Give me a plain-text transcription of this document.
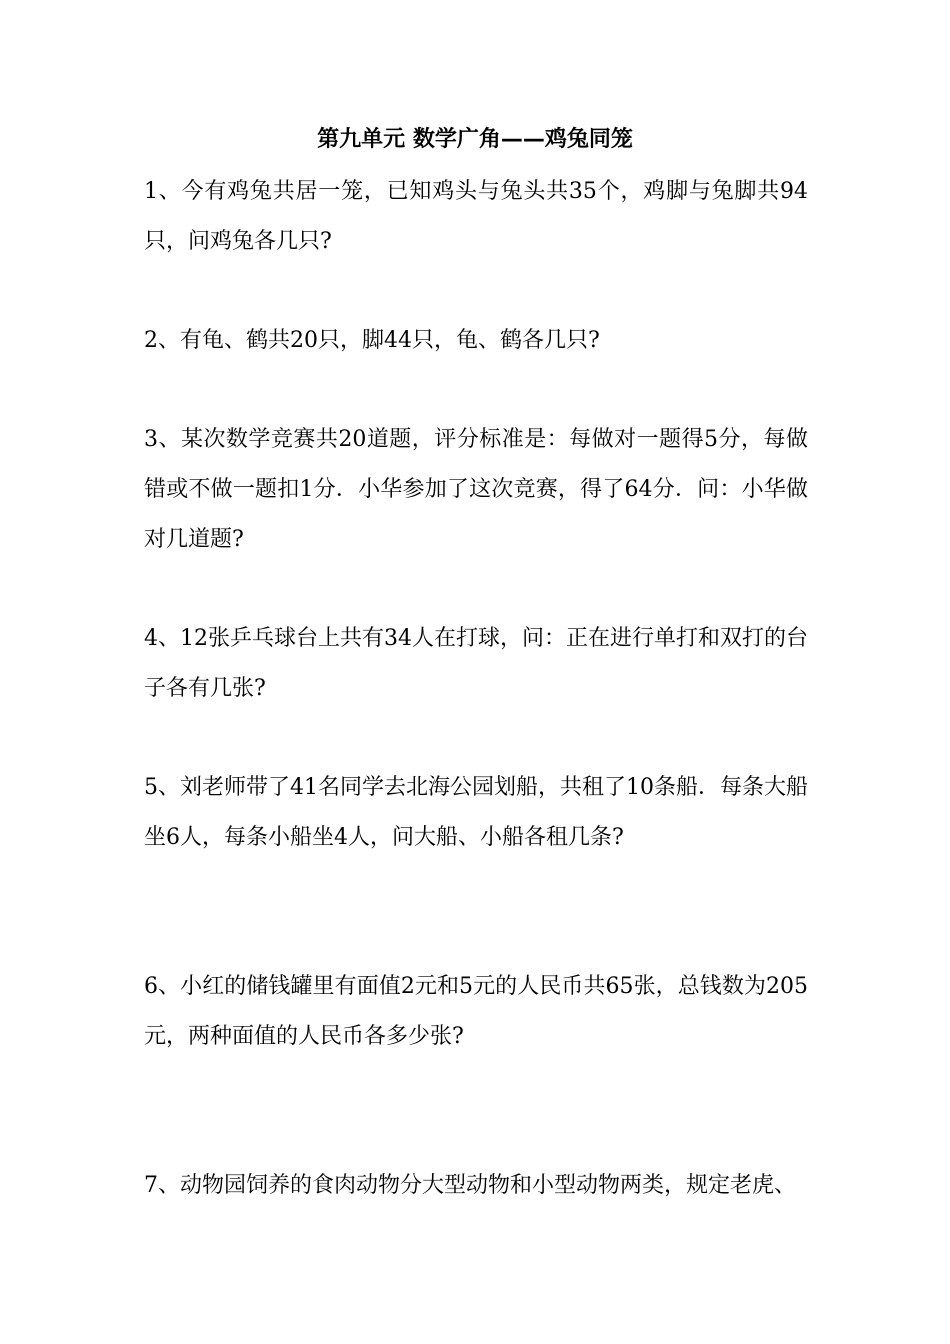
第九单元 数学广角——鸡兔同笼

1、今有鸡兔共居一笼，已知鸡头与兔头共35个，鸡脚与兔脚共94只，问鸡兔各几只?

2、有龟、鹤共20只，脚44只，龟、鹤各几只?

3、某次数学竞赛共20道题，评分标准是：每做对一题得5分，每做错或不做一题扣1分．小华参加了这次竞赛，得了64分．问：小华做对几道题?

4、12张乒乓球台上共有34人在打球，问：正在进行单打和双打的台子各有几张?

5、刘老师带了41名同学去北海公园划船，共租了10条船．每条大船坐6人，每条小船坐4人，问大船、小船各租几条?

6、小红的储钱罐里有面值2元和5元的人民币共65张，总钱数为205元，两种面值的人民币各多少张?

7、动物园饲养的食肉动物分大型动物和小型动物两类，规定老虎、
